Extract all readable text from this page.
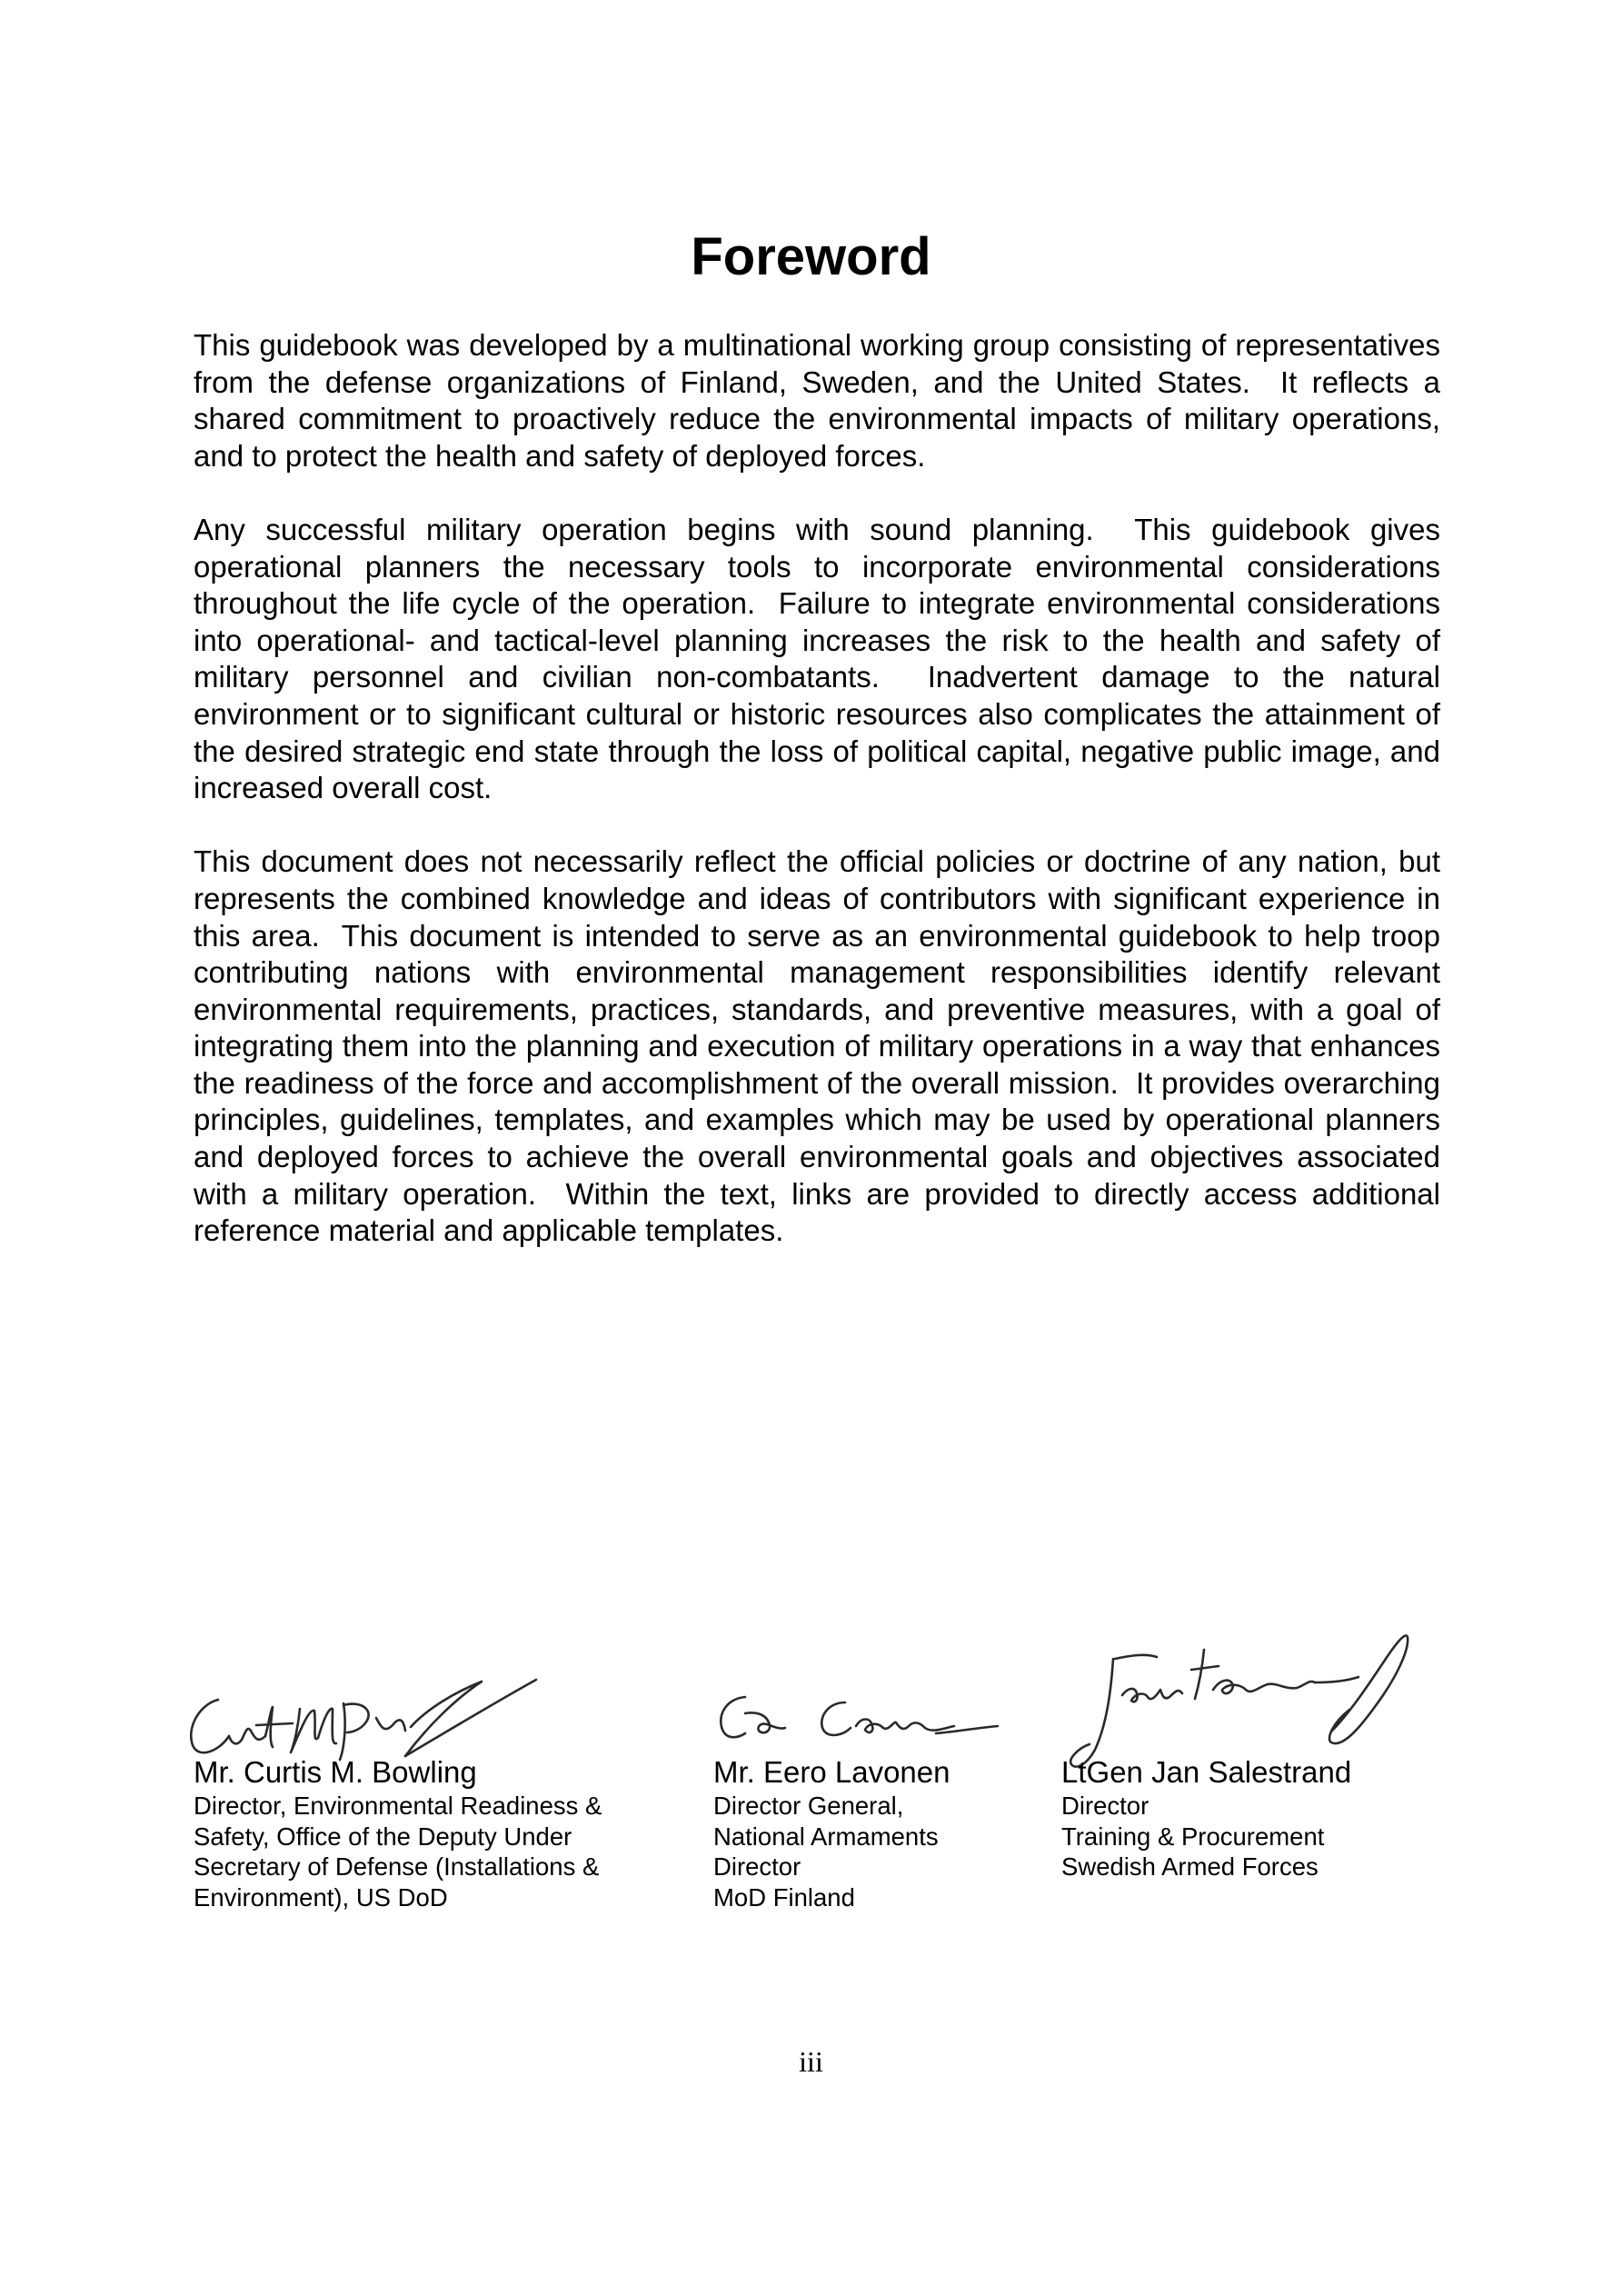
Foreword

This guidebook was developed by a multinational working group consisting of representatives from the defense organizations of Finland, Sweden, and the United States.  It reflects a shared commitment to proactively reduce the environmental impacts of military operations, and to protect the health and safety of deployed forces.

Any successful military operation begins with sound planning.  This guidebook gives operational planners the necessary tools to incorporate environmental considerations throughout the life cycle of the operation.  Failure to integrate environmental considerations into operational- and tactical-level planning increases the risk to the health and safety of military personnel and civilian non-combatants.  Inadvertent damage to the natural environment or to significant cultural or historic resources also complicates the attainment of the desired strategic end state through the loss of political capital, negative public image, and increased overall cost.

This document does not necessarily reflect the official policies or doctrine of any nation, but represents the combined knowledge and ideas of contributors with significant experience in this area.  This document is intended to serve as an environmental guidebook to help troop contributing nations with environmental management responsibilities identify relevant environmental requirements, practices, standards, and preventive measures, with a goal of integrating them into the planning and execution of military operations in a way that enhances the readiness of the force and accomplishment of the overall mission.  It provides overarching principles, guidelines, templates, and examples which may be used by operational planners and deployed forces to achieve the overall environmental goals and objectives associated with a military operation.  Within the text, links are provided to directly access additional reference material and applicable templates.

Mr. Curtis M. Bowling
Director, Environmental Readiness &
Safety, Office of the Deputy Under
Secretary of Defense (Installations &
Environment), US DoD
Mr. Eero Lavonen
Director General,
National Armaments
Director
MoD Finland
LtGen Jan Salestrand
Director
Training & Procurement
Swedish Armed Forces
iii
